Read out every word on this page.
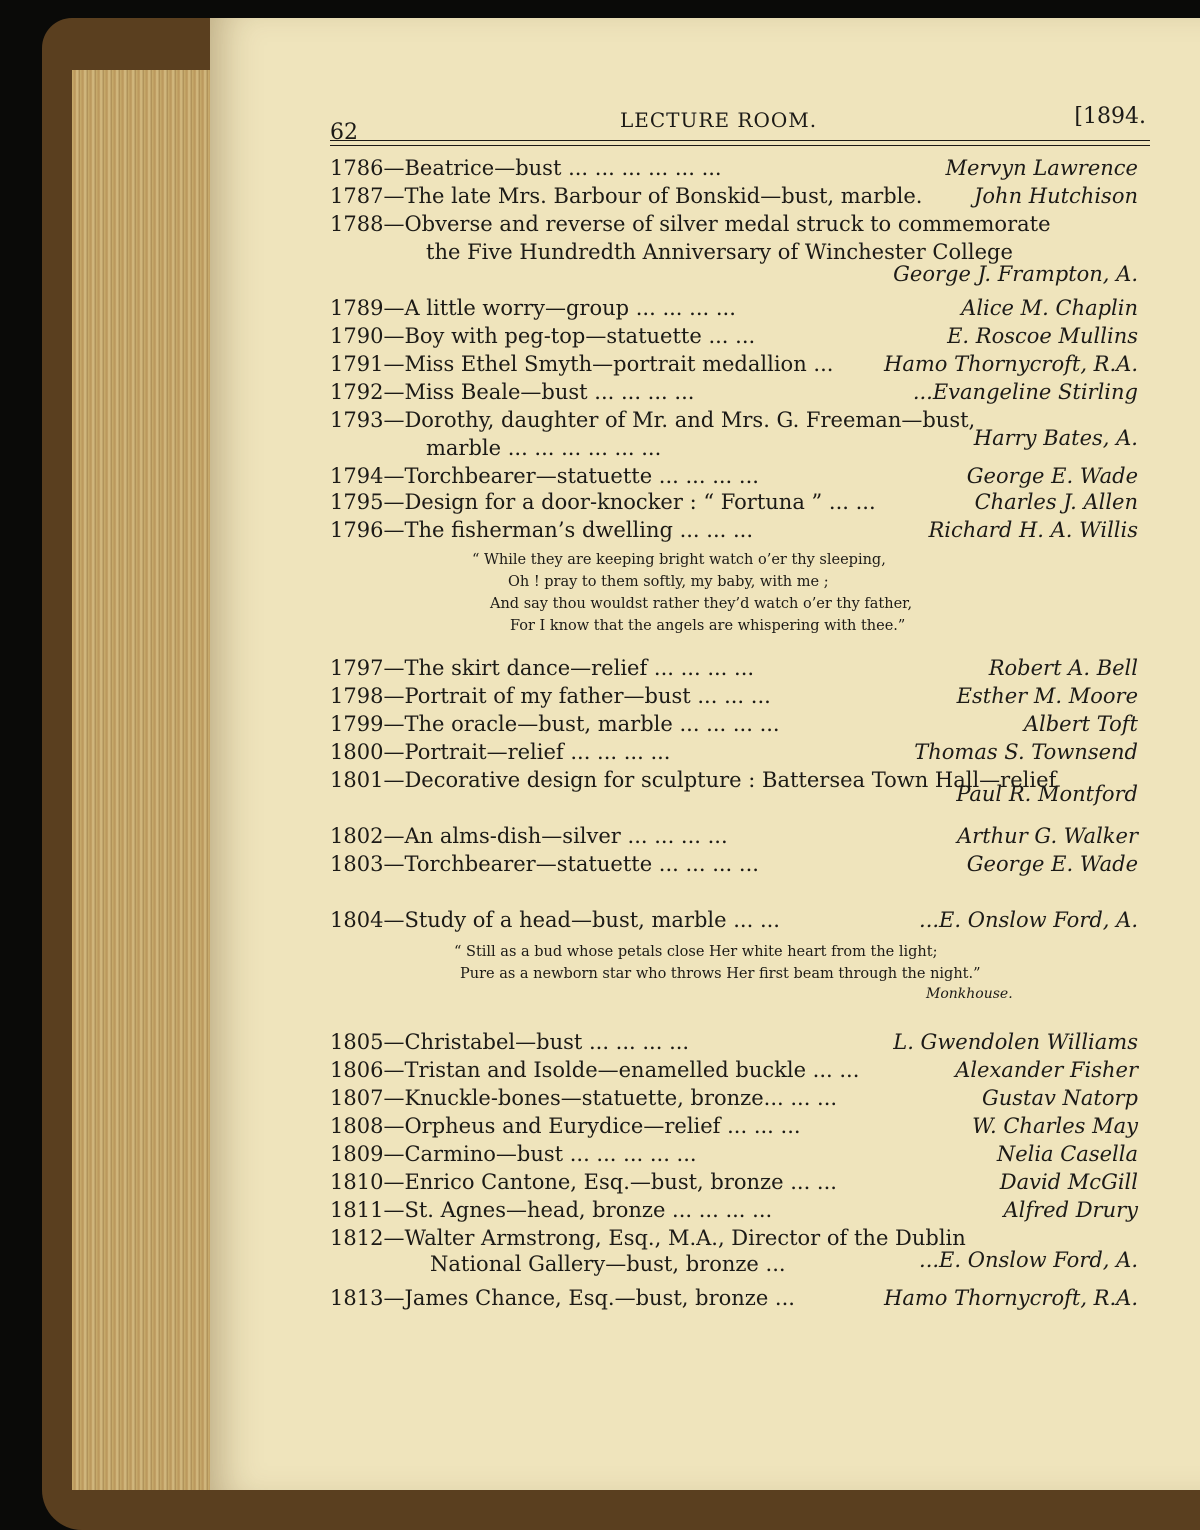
62	LECTURE ROOM.	[1894.
1786—Beatrice—bust ... ... ... ... ... ...	Mervyn Lawrence
1787—The late Mrs. Barbour of Bonskid—bust, marble. John Hutchison
1788—Obverse and reverse of silver medal struck to commemorate
the Five Hundredth Anniversary of Winchester College
George J. Frampton, A.
1789—A little worry—group ... ... ... ...	Alice M. Chaplin
1790—Boy with peg-top—statuette ... ...	E. Roscoe Mullins
1791—Miss Ethel Smyth—portrait medallion ... Hamo Thornycroft, R.A.
1792—Miss Beale—bust ... ... ... ...	...Evangeline Stirling
1793—Dorothy, daughter of Mr. and Mrs. G. Freeman—bust,
marble ... ... ... ... ... ...	Harry Bates, A.
1794—Torchbearer—statuette ... ... ... ...	George E. Wade
1795—Design for a door-knocker : “ Fortuna ” ... ...	Charles J. Allen
1796—The fisherman’s dwelling ... ... ...	Richard H. A. Willis
“ While they are keeping bright watch o’er thy sleeping,
Oh ! pray to them softly, my baby, with me ;
And say thou wouldst rather they’d watch o’er thy father,
For I know that the angels are whispering with thee.”
1797—The skirt dance—relief ... ... ... ...	Robert A. Bell
1798—Portrait of my father—bust ... ... ...	Esther M. Moore
1799—The oracle—bust, marble ... ... ... ...	Albert Toft
1800—Portrait—relief ... ... ... ...	Thomas S. Townsend
1801—Decorative design for sculpture : Battersea Town Hall—relief
Paul R. Montford
1802—An alms-dish—silver ... ... ... ...	Arthur G. Walker
1803—Torchbearer—statuette ... ... ... ...	George E. Wade
1804—Study of a head—bust, marble ... ...	...E. Onslow Ford, A.
“ Still as a bud whose petals close Her white heart from the light;
Pure as a newborn star who throws Her first beam through the night.”
Monkhouse.
1805—Christabel—bust ... ... ... ...	L. Gwendolen Williams
1806—Tristan and Isolde—enamelled buckle ... ...	Alexander Fisher
1807—Knuckle-bones—statuette, bronze... ... ...	Gustav Natorp
1808—Orpheus and Eurydice—relief ... ... ...	W. Charles May
1809—Carmino—bust ... ... ... ... ...	Nelia Casella
1810—Enrico Cantone, Esq.—bust, bronze ... ...	David McGill
1811—St. Agnes—head, bronze ... ... ... ...	Alfred Drury
1812—Walter Armstrong, Esq., M.A., Director of the Dublin
National Gallery—bust, bronze ...	...E. Onslow Ford, A.
1813—James Chance, Esq.—bust, bronze ...	Hamo Thornycroft, R.A.
